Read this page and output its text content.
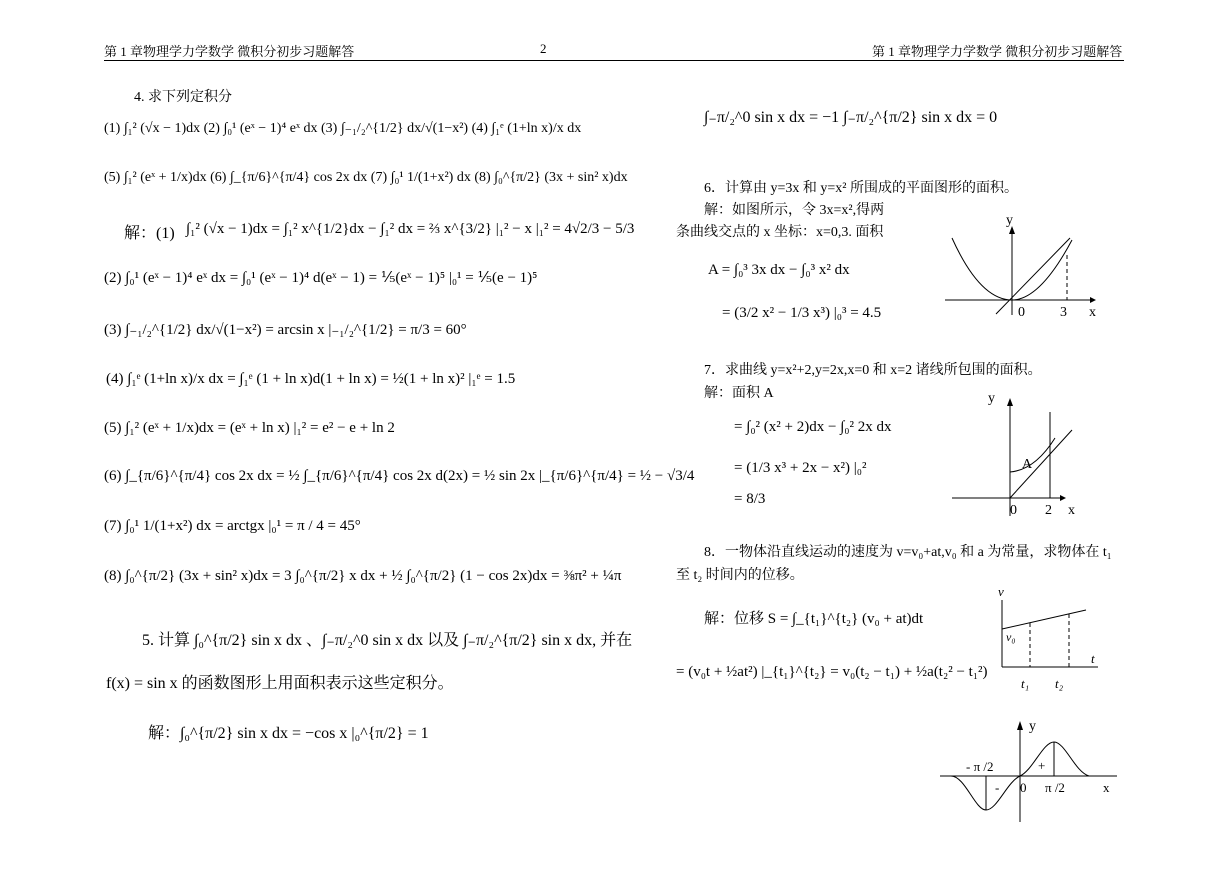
第 1 章物理学力学数学 微积分初步习题解答	2	第 1 章物理学力学数学 微积分初步习题解答
4. 求下列定积分
(1) ∫₁² (√x − 1)dx (2) ∫₀¹ (eˣ − 1)⁴ eˣ dx (3) ∫₋₁/₂^{1/2} dx/√(1−x²) (4) ∫₁ᵉ (1+ln x)/x dx
(5) ∫₁² (eˣ + 1/x)dx (6) ∫_{π/6}^{π/4} cos 2x dx (7) ∫₀¹ 1/(1+x²) dx (8) ∫₀^{π/2} (3x + sin² x)dx
解：(1) ∫₁² (√x − 1)dx = ∫₁² x^{1/2}dx − ∫₁² dx = ⅔ x^{3/2} |₁² − x |₁² = 4√2/3 − 5/3
(2) ∫₀¹ (eˣ − 1)⁴ eˣ dx = ∫₀¹ (eˣ − 1)⁴ d(eˣ − 1) = ⅕(eˣ − 1)⁵ |₀¹ = ⅕(e − 1)⁵
(3) ∫₋₁/₂^{1/2} dx/√(1−x²) = arcsin x |₋₁/₂^{1/2} = π/3 = 60°
(4) ∫₁ᵉ (1+ln x)/x dx = ∫₁ᵉ (1 + ln x)d(1 + ln x) = ½(1 + ln x)² |₁ᵉ = 1.5
(5) ∫₁² (eˣ + 1/x)dx = (eˣ + ln x) |₁² = e² − e + ln 2
(6) ∫_{π/6}^{π/4} cos 2x dx = ½ ∫_{π/6}^{π/4} cos 2x d(2x) = ½ sin 2x |_{π/6}^{π/4} = ½ − √3/4
(7) ∫₀¹ 1/(1+x²) dx = arctgx |₀¹ = π / 4 = 45°
(8) ∫₀^{π/2} (3x + sin² x)dx = 3 ∫₀^{π/2} x dx + ½ ∫₀^{π/2} (1 − cos 2x)dx = ⅜π² + ¼π
5. 计算 ∫₀^{π/2} sin x dx 、∫₋π/₂^0 sin x dx 以及 ∫₋π/₂^{π/2} sin x dx, 并在
f(x) = sin x 的函数图形上用面积表示这些定积分。
解：∫₀^{π/2} sin x dx = −cos x |₀^{π/2} = 1
∫₋π/₂^0 sin x dx = −1 ∫₋π/₂^{π/2} sin x dx = 0
6．计算由 y=3x 和 y=x² 所围成的平面图形的面积。
解：如图所示，令 3x=x²,得两
条曲线交点的 x 坐标：x=0,3. 面积
A = ∫₀³ 3x dx − ∫₀³ x² dx
= (3/2 x² − 1/3 x³) |₀³ = 4.5
7．求曲线 y=x²+2,y=2x,x=0 和 x=2 诸线所包围的面积。
解：面积 A
= ∫₀² (x² + 2)dx − ∫₀² 2x dx
= (1/3 x³ + 2x − x²) |₀²
= 8/3
8．一物体沿直线运动的速度为 v=v₀+at,v₀ 和 a 为常量，求物体在 t₁
至 t₂ 时间内的位移。
解：位移 S = ∫_{t₁}^{t₂} (v₀ + at)dt
= (v₀t + ½at²) |_{t₁}^{t₂} = v₀(t₂ − t₁) + ½a(t₂² − t₁²)
y
0	3 x
y
A
0 2 x
v
v₀
t
t₁ t₂
y
- π /2	+
- 0 π /2	x
